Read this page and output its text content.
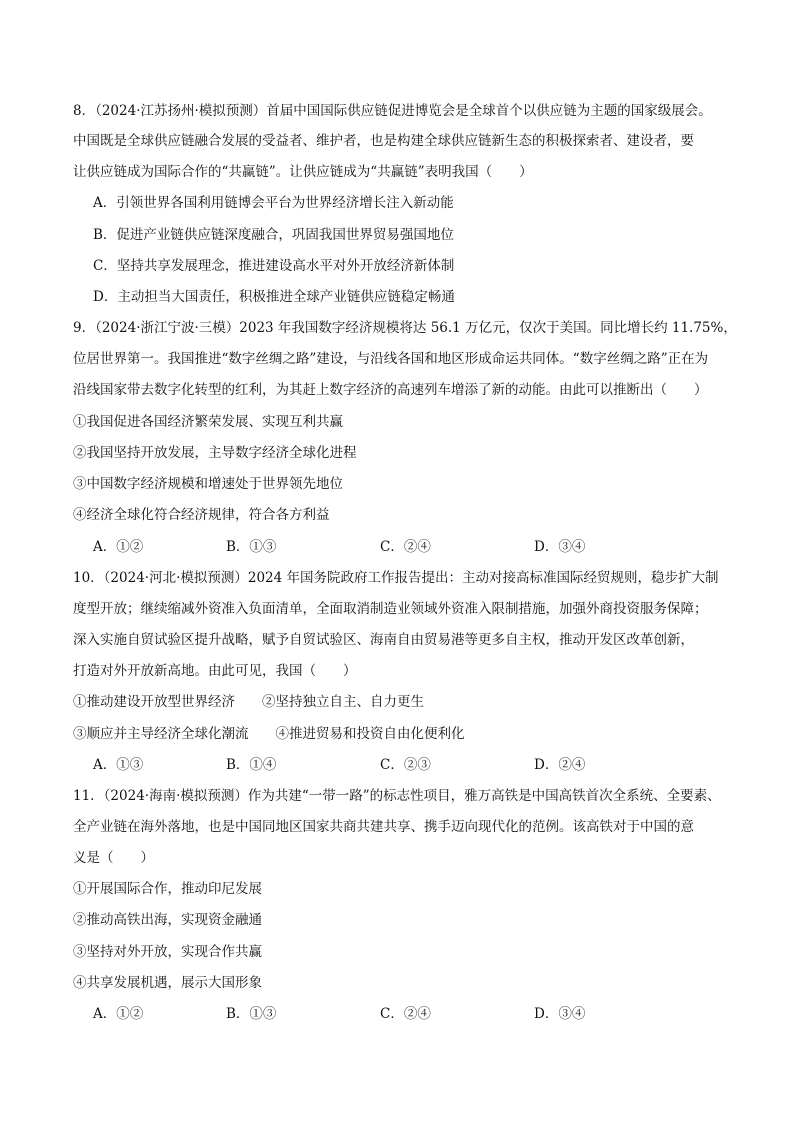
8．（2024·江苏扬州·模拟预测）首届中国国际供应链促进博览会是全球首个以供应链为主题的国家级展会。
中国既是全球供应链融合发展的受益者、维护者，也是构建全球供应链新生态的积极探索者、建设者，要
让供应链成为国际合作的“共赢链”。让供应链成为“共赢链”表明我国（　　）
A．引领世界各国利用链博会平台为世界经济增长注入新动能
B．促进产业链供应链深度融合，巩固我国世界贸易强国地位
C．坚持共享发展理念，推进建设高水平对外开放经济新体制
D．主动担当大国责任，积极推进全球产业链供应链稳定畅通
9．（2024·浙江宁波·三模）2023 年我国数字经济规模将达 56.1 万亿元，仅次于美国。同比增长约 11.75%，
位居世界第一。我国推进“数字丝绸之路”建设，与沿线各国和地区形成命运共同体。“数字丝绸之路”正在为
沿线国家带去数字化转型的红利，为其赶上数字经济的高速列车增添了新的动能。由此可以推断出（　　）
①我国促进各国经济繁荣发展、实现互利共赢
②我国坚持开放发展，主导数字经济全球化进程
③中国数字经济规模和增速处于世界领先地位
④经济全球化符合经济规律，符合各方利益
A．①②	B．①③	C．②④	D．③④
10．（2024·河北·模拟预测）2024 年国务院政府工作报告提出：主动对接高标准国际经贸规则，稳步扩大制
度型开放；继续缩减外资准入负面清单，全面取消制造业领域外资准入限制措施，加强外商投资服务保障；
深入实施自贸试验区提升战略，赋予自贸试验区、海南自由贸易港等更多自主权，推动开发区改革创新，
打造对外开放新高地。由此可见，我国（　　）
①推动建设开放型世界经济　　②坚持独立自主、自力更生
③顺应并主导经济全球化潮流　　④推进贸易和投资自由化便利化
A．①③	B．①④	C．②③	D．②④
11．（2024·海南·模拟预测）作为共建“一带一路”的标志性项目，雅万高铁是中国高铁首次全系统、全要素、
全产业链在海外落地，也是中国同地区国家共商共建共享、携手迈向现代化的范例。该高铁对于中国的意
义是（　　）
①开展国际合作，推动印尼发展
②推动高铁出海，实现资金融通
③坚持对外开放，实现合作共赢
④共享发展机遇，展示大国形象
A．①②	B．①③	C．②④	D．③④
